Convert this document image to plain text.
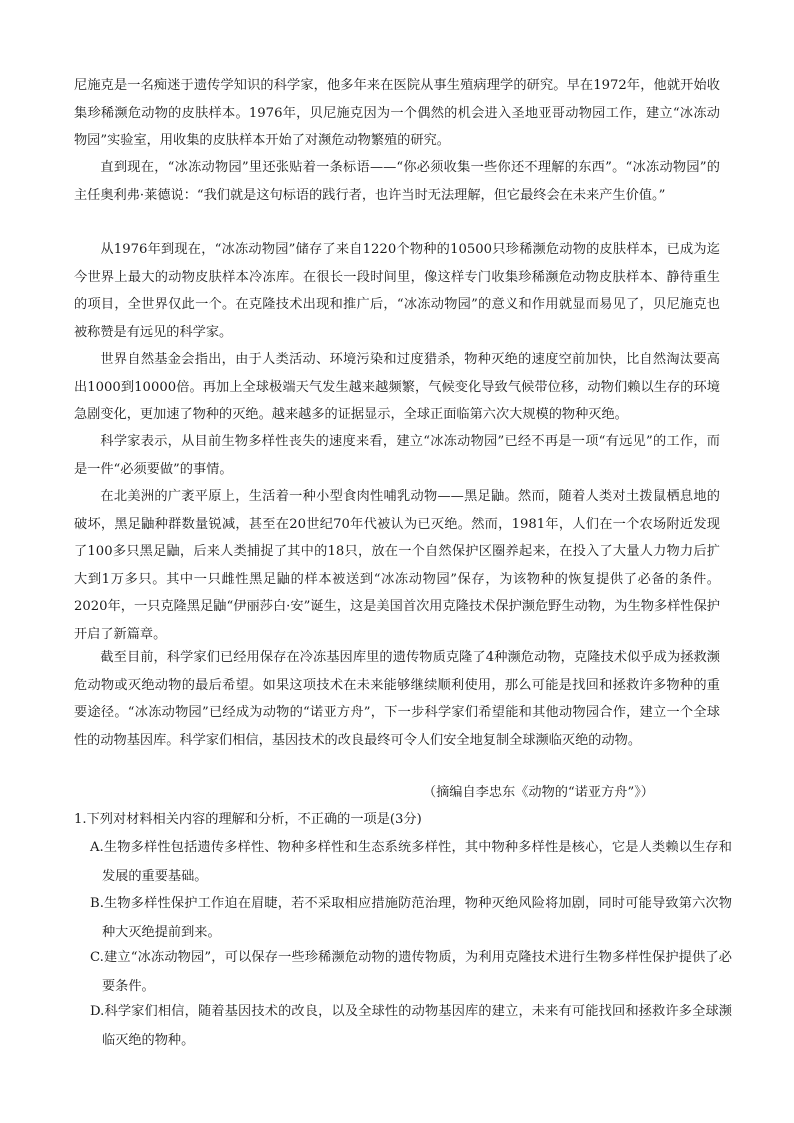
尼施克是一名痴迷于遗传学知识的科学家，他多年来在医院从事生殖病理学的研究。早在1972年，他就开始收集珍稀濒危动物的皮肤样本。1976年，贝尼施克因为一个偶然的机会进入圣地亚哥动物园工作，建立“冰冻动物园”实验室，用收集的皮肤样本开始了对濒危动物繁殖的研究。

直到现在，“冰冻动物园”里还张贴着一条标语——“你必须收集一些你还不理解的东西”。“冰冻动物园”的主任奥利弗·莱德说：“我们就是这句标语的践行者，也许当时无法理解，但它最终会在未来产生价值。”

从1976年到现在，“冰冻动物园”储存了来自1220个物种的10500只珍稀濒危动物的皮肤样本，已成为迄今世界上最大的动物皮肤样本冷冻库。在很长一段时间里，像这样专门收集珍稀濒危动物皮肤样本、静待重生的项目，全世界仅此一个。在克隆技术出现和推广后，“冰冻动物园”的意义和作用就显而易见了，贝尼施克也被称赞是有远见的科学家。

世界自然基金会指出，由于人类活动、环境污染和过度猎杀，物种灭绝的速度空前加快，比自然淘汰要高出1000到10000倍。再加上全球极端天气发生越来越频繁，气候变化导致气候带位移，动物们赖以生存的环境急剧变化，更加速了物种的灭绝。越来越多的证据显示，全球正面临第六次大规模的物种灭绝。

科学家表示，从目前生物多样性丧失的速度来看，建立“冰冻动物园”已经不再是一项“有远见”的工作，而是一件“必须要做”的事情。

在北美洲的广袤平原上，生活着一种小型食肉性哺乳动物——黑足鼬。然而，随着人类对土拨鼠栖息地的破坏，黑足鼬种群数量锐减，甚至在20世纪70年代被认为已灭绝。然而，1981年，人们在一个农场附近发现了100多只黑足鼬，后来人类捕捉了其中的18只，放在一个自然保护区圈养起来，在投入了大量人力物力后扩大到1万多只。其中一只雌性黑足鼬的样本被送到“冰冻动物园”保存，为该物种的恢复提供了必备的条件。2020年，一只克隆黑足鼬“伊丽莎白·安”诞生，这是美国首次用克隆技术保护濒危野生动物，为生物多样性保护开启了新篇章。

截至目前，科学家们已经用保存在冷冻基因库里的遗传物质克隆了4种濒危动物，克隆技术似乎成为拯救濒危动物或灭绝动物的最后希望。如果这项技术在未来能够继续顺利使用，那么可能是找回和拯救许多物种的重要途径。“冰冻动物园”已经成为动物的“诺亚方舟”，下一步科学家们希望能和其他动物园合作，建立一个全球性的动物基因库。科学家们相信，基因技术的改良最终可令人们安全地复制全球濒临灭绝的动物。

（摘编自李忠东《动物的“诺亚方舟”》）

1.下列对材料相关内容的理解和分析，不正确的一项是(3分)

A.生物多样性包括遗传多样性、物种多样性和生态系统多样性，其中物种多样性是核心，它是人类赖以生存和发展的重要基础。

B.生物多样性保护工作迫在眉睫，若不采取相应措施防范治理，物种灭绝风险将加剧，同时可能导致第六次物种大灭绝提前到来。

C.建立“冰冻动物园”，可以保存一些珍稀濒危动物的遗传物质，为利用克隆技术进行生物多样性保护提供了必要条件。

D.科学家们相信，随着基因技术的改良，以及全球性的动物基因库的建立，未来有可能找回和拯救许多全球濒临灭绝的物种。
